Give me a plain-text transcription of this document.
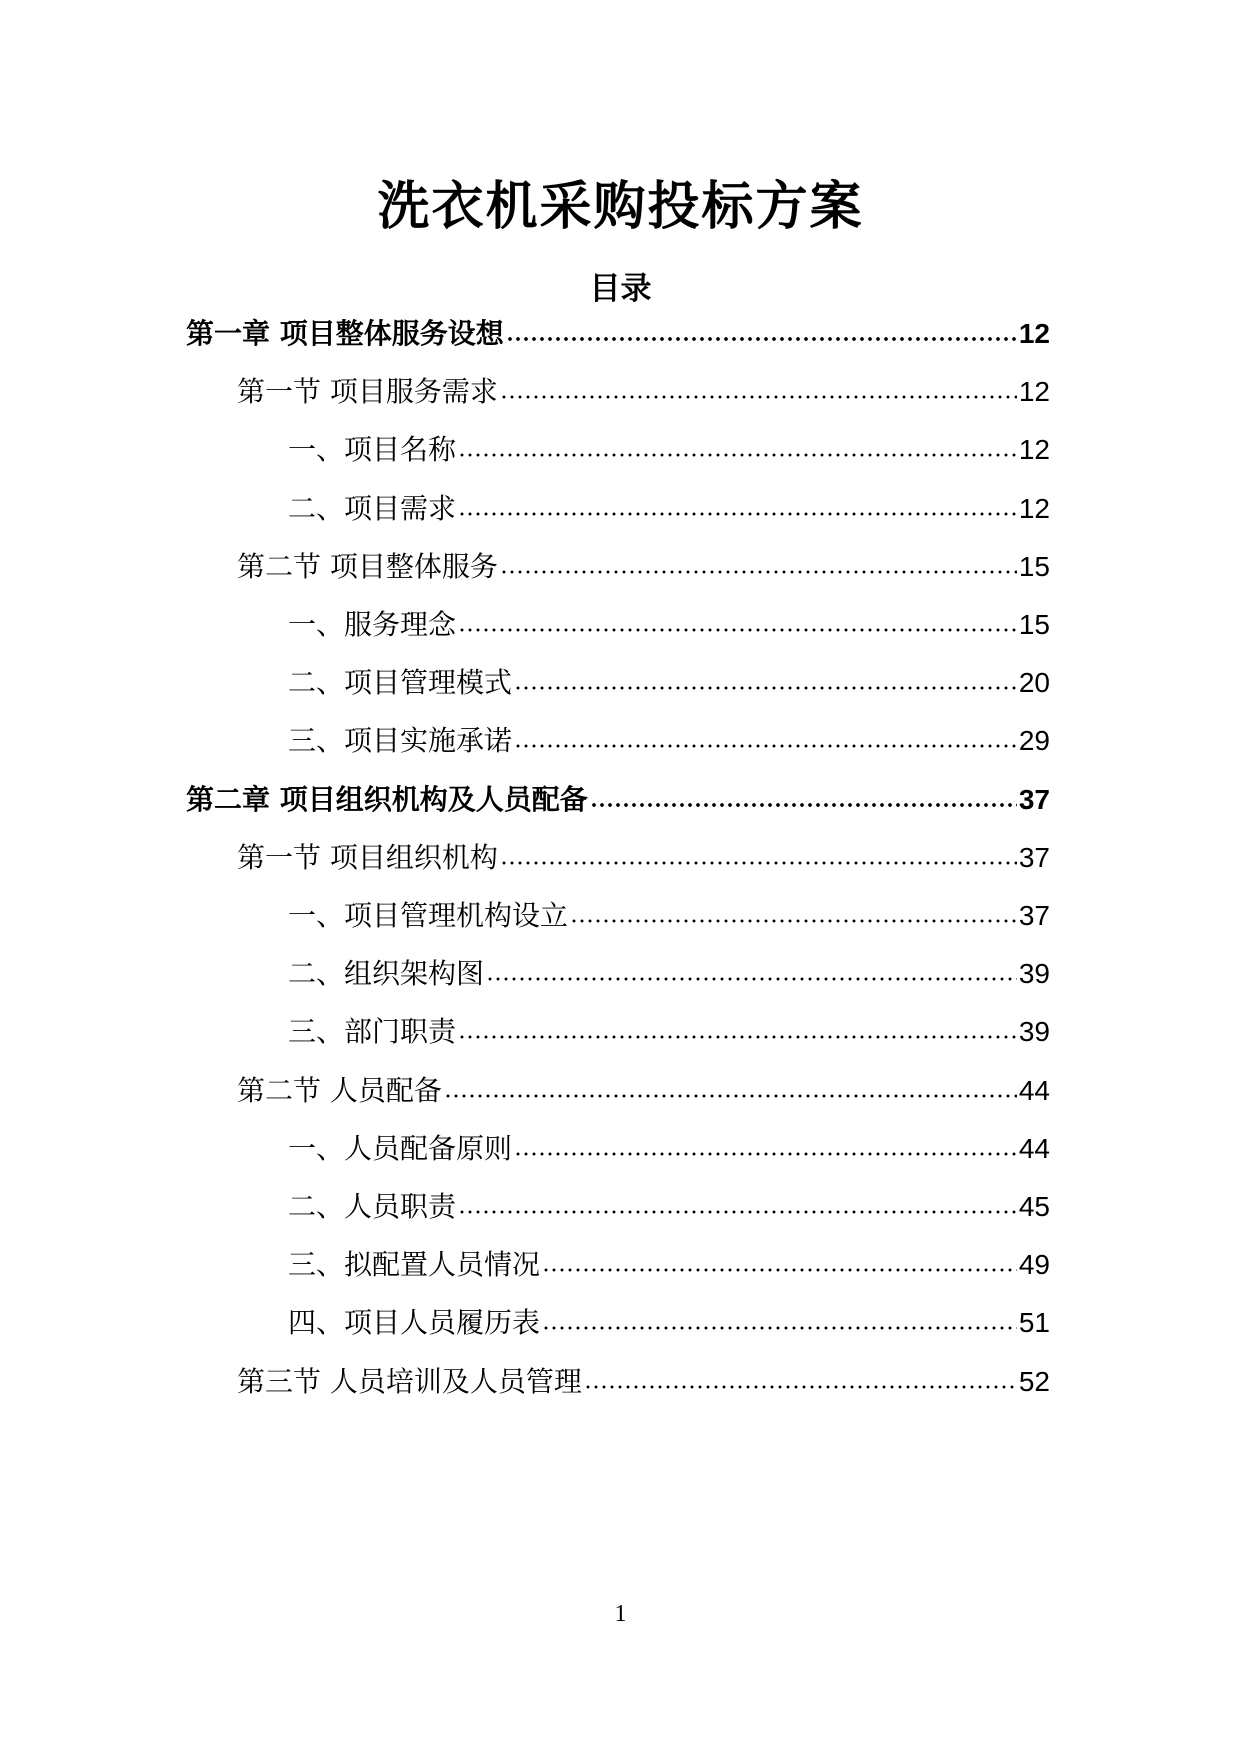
洗衣机采购投标方案
目录
第一章 项目整体服务设想	12
第一节 项目服务需求	12
一、项目名称	12
二、项目需求	12
第二节 项目整体服务	15
一、服务理念	15
二、项目管理模式	20
三、项目实施承诺	29
第二章 项目组织机构及人员配备	37
第一节 项目组织机构	37
一、项目管理机构设立	37
二、组织架构图	39
三、部门职责	39
第二节 人员配备	44
一、人员配备原则	44
二、人员职责	45
三、拟配置人员情况	49
四、项目人员履历表	51
第三节 人员培训及人员管理	52
1
